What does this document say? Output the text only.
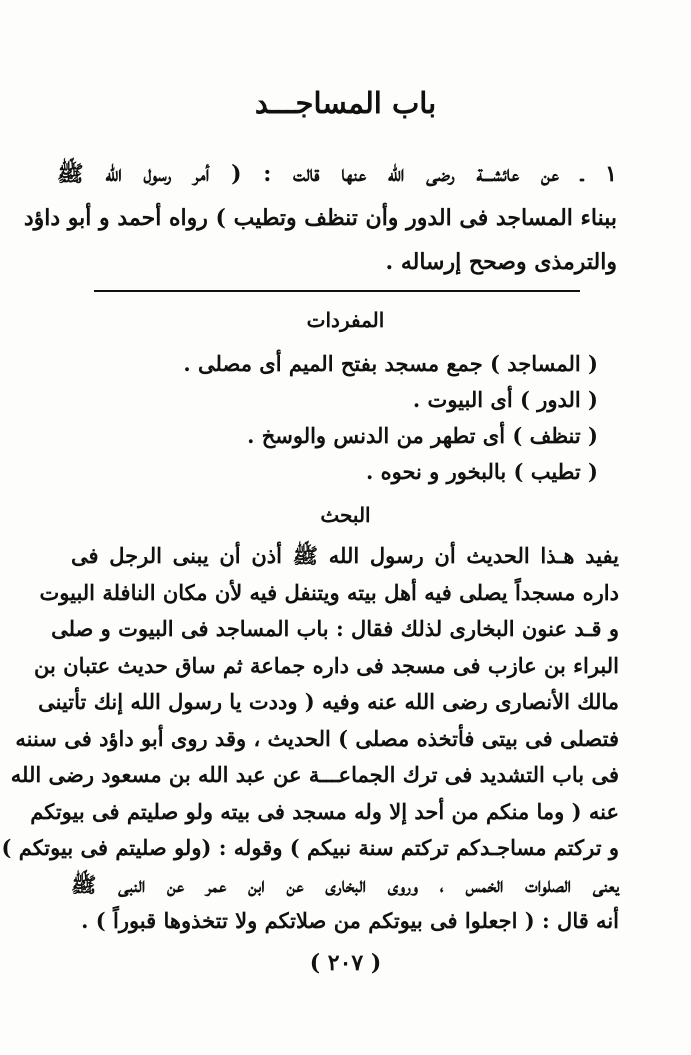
باب المساجـــد
١ ـ عن عائشـــة رضى الله عنها قالت : ( أمر رسول الله ﷺ
ببناء المساجد فى الدور وأن تنظف وتطيب ) رواه أحمد و أبو داؤد
والترمذى وصحح إرساله .
المفردات
( المساجد ) جمع مسجد بفتح الميم أى مصلى .
( الدور ) أى البيوت .
( تنظف ) أى تطهر من الدنس والوسخ .
( تطيب ) بالبخور و نحوه .
البحث
يفيد هـذا الحديث أن رسول الله ﷺ أذن أن يبنى الرجل فى
داره مسجداً يصلى فيه أهل بيته ويتنفل فيه لأن مكان النافلة البيوت
و قـد عنون البخارى لذلك فقال : باب المساجد فى البيوت و صلى
البراء بن عازب فى مسجد فى داره جماعة ثم ساق حديث عتبان بن
مالك الأنصارى رضى الله عنه وفيه ( وددت يا رسول الله إنك تأتينى
فتصلى فى بيتى فأتخذه مصلى ) الحديث ، وقد روى أبو داؤد فى سننه
فى باب التشديد فى ترك الجماعـــة عن عبد الله بن مسعود رضى الله
عنه ( وما منكم من أحد إلا وله مسجد فى بيته ولو صليتم فى بيوتكم
و تركتم مساجـدكم تركتم سنة نبيكم ) وقوله : (ولو صليتم فى بيوتكم )
يعنى الصلوات الخمس ، وروى البخارى عن ابن عمر عن النبى ﷺ
أنه قال : ( اجعلوا فى بيوتكم من صلاتكم ولا تتخذوها قبوراً ) .
( ٢٠٧ )
